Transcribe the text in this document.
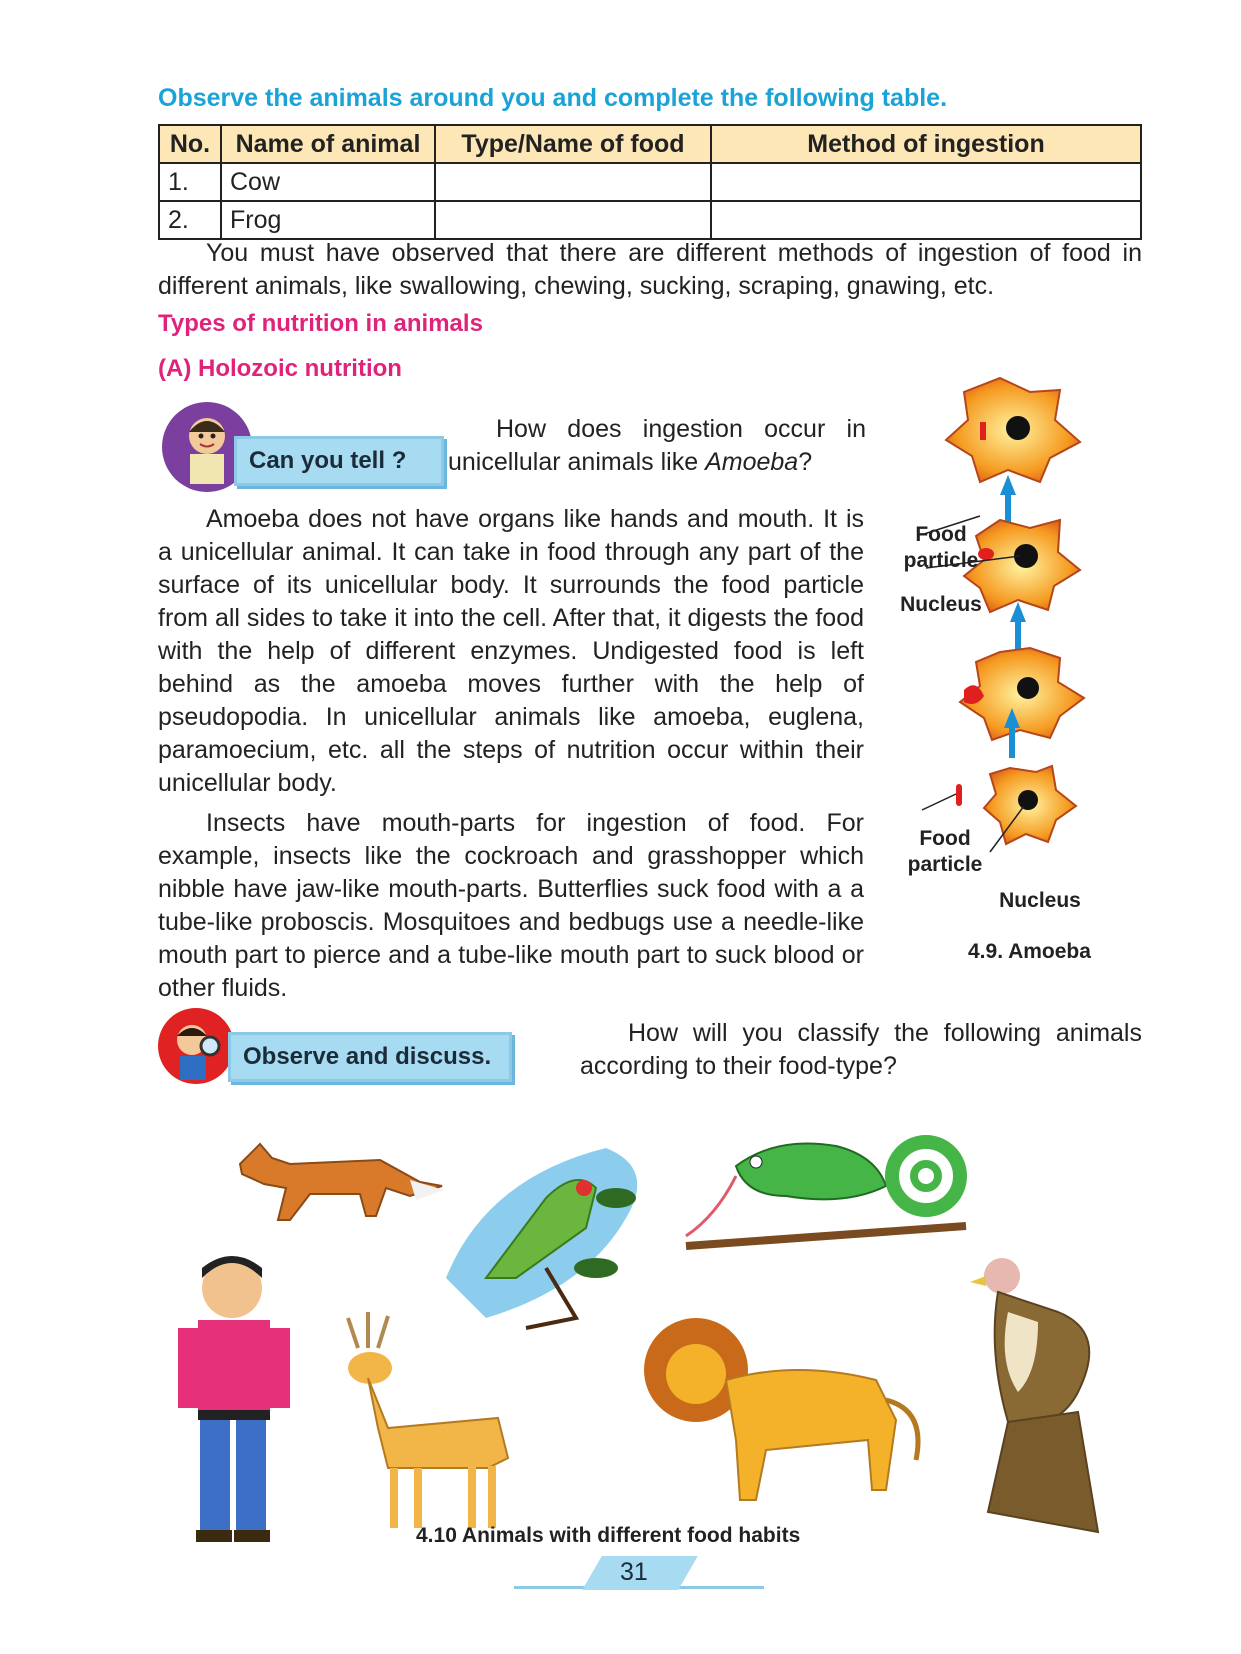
Observe the animals around you and complete the following table.
No.	Name of animal	Type/Name of food	Method of ingestion
1.	Cow		
2.	Frog		
You must have observed that there are different methods of ingestion of food in different animals, like swallowing, chewing, sucking, scraping, gnawing, etc.
Types of nutrition in animals
(A) Holozoic nutrition
Can you tell ?
How does ingestion occur in unicellular animals like Amoeba?
Amoeba does not have organs like hands and mouth. It is a unicellular animal. It can take in food through any part of the surface of its unicellular body. It surrounds the food particle from all sides to take it into the cell. After that, it digests the food with the help of different enzymes. Undigested food is left behind as the amoeba moves further with the help of pseudopodia. In unicellular animals like amoeba, euglena, paramoecium, etc. all the steps of nutrition occur within their unicellular body.
Insects have mouth-parts for ingestion of food. For example, insects like the cockroach and grasshopper which nibble have jaw-like mouth-parts. Butterflies suck food with a a tube-like proboscis. Mosquitoes and bedbugs use a needle-like mouth part to pierce and a tube-like mouth part to suck blood or other fluids.
Food particle
Nucleus
Food particle
Nucleus
4.9. Amoeba
Observe and discuss.
How will you classify the following animals according to their food-type?
4.10 Animals with different food habits
31
